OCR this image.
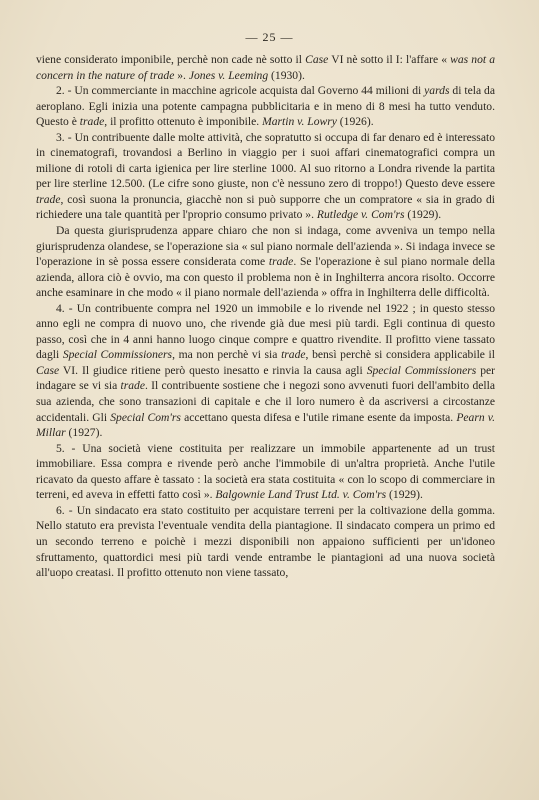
— 25 —

viene considerato imponibile, perchè non cade nè sotto il Case VI nè sotto il I: l'affare « was not a concern in the nature of trade ». Jones v. Leeming (1930).

2. - Un commerciante in macchine agricole acquista dal Governo 44 milioni di yards di tela da aeroplano. Egli inizia una potente campagna pubblicitaria e in meno di 8 mesi ha tutto venduto. Questo è trade, il profitto ottenuto è imponibile. Martin v. Lowry (1926).

3. - Un contribuente dalle molte attività, che sopratutto si occupa di far denaro ed è interessato in cinematografi, trovandosi a Berlino in viaggio per i suoi affari cinematografici compra un milione di rotoli di carta igienica per lire sterline 1000. Al suo ritorno a Londra rivende la partita per lire sterline 12.500. (Le cifre sono giuste, non c'è nessuno zero di troppo!) Questo deve essere trade, così suona la pronuncia, giacchè non si può supporre che un compratore « sia in grado di richiedere una tale quantità per l'proprio consumo privato ». Rutledge v. Com'rs (1929).

Da questa giurisprudenza appare chiaro che non si indaga, come avveniva un tempo nella giurisprudenza olandese, se l'operazione sia « sul piano normale dell'azienda ». Si indaga invece se l'operazione in sè possa essere considerata come trade. Se l'operazione è sul piano normale della azienda, allora ciò è ovvio, ma con questo il problema non è in Inghilterra ancora risolto. Occorre anche esaminare in che modo « il piano normale dell'azienda » offra in Inghilterra delle difficoltà.

4. - Un contribuente compra nel 1920 un immobile e lo rivende nel 1922 ; in questo stesso anno egli ne compra di nuovo uno, che rivende già due mesi più tardi. Egli continua di questo passo, così che in 4 anni hanno luogo cinque compre e quattro rivendite. Il profitto viene tassato dagli Special Commissioners, ma non perchè vi sia trade, bensì perchè si considera applicabile il Case VI. Il giudice ritiene però questo inesatto e rinvia la causa agli Special Commissioners per indagare se vi sia trade. Il contribuente sostiene che i negozi sono avvenuti fuori dell'ambito della sua azienda, che sono transazioni di capitale e che il loro numero è da ascriversi a circostanze accidentali. Gli Special Com'rs accettano questa difesa e l'utile rimane esente da imposta. Pearn v. Millar (1927).

5. - Una società viene costituita per realizzare un immobile appartenente ad un trust immobiliare. Essa compra e rivende però anche l'immobile di un'altra proprietà. Anche l'utile ricavato da questo affare è tassato : la società era stata costituita « con lo scopo di commerciare in terreni, ed aveva in effetti fatto così ». Balgownie Land Trust Ltd. v. Com'rs (1929).

6. - Un sindacato era stato costituito per acquistare terreni per la coltivazione della gomma. Nello statuto era prevista l'eventuale vendita della piantagione. Il sindacato compera un primo ed un secondo terreno e poichè i mezzi disponibili non appaiono sufficienti per un'idoneo sfruttamento, quattordici mesi più tardi vende entrambe le piantagioni ad una nuova società all'uopo creatasi. Il profitto ottenuto non viene tassato,
